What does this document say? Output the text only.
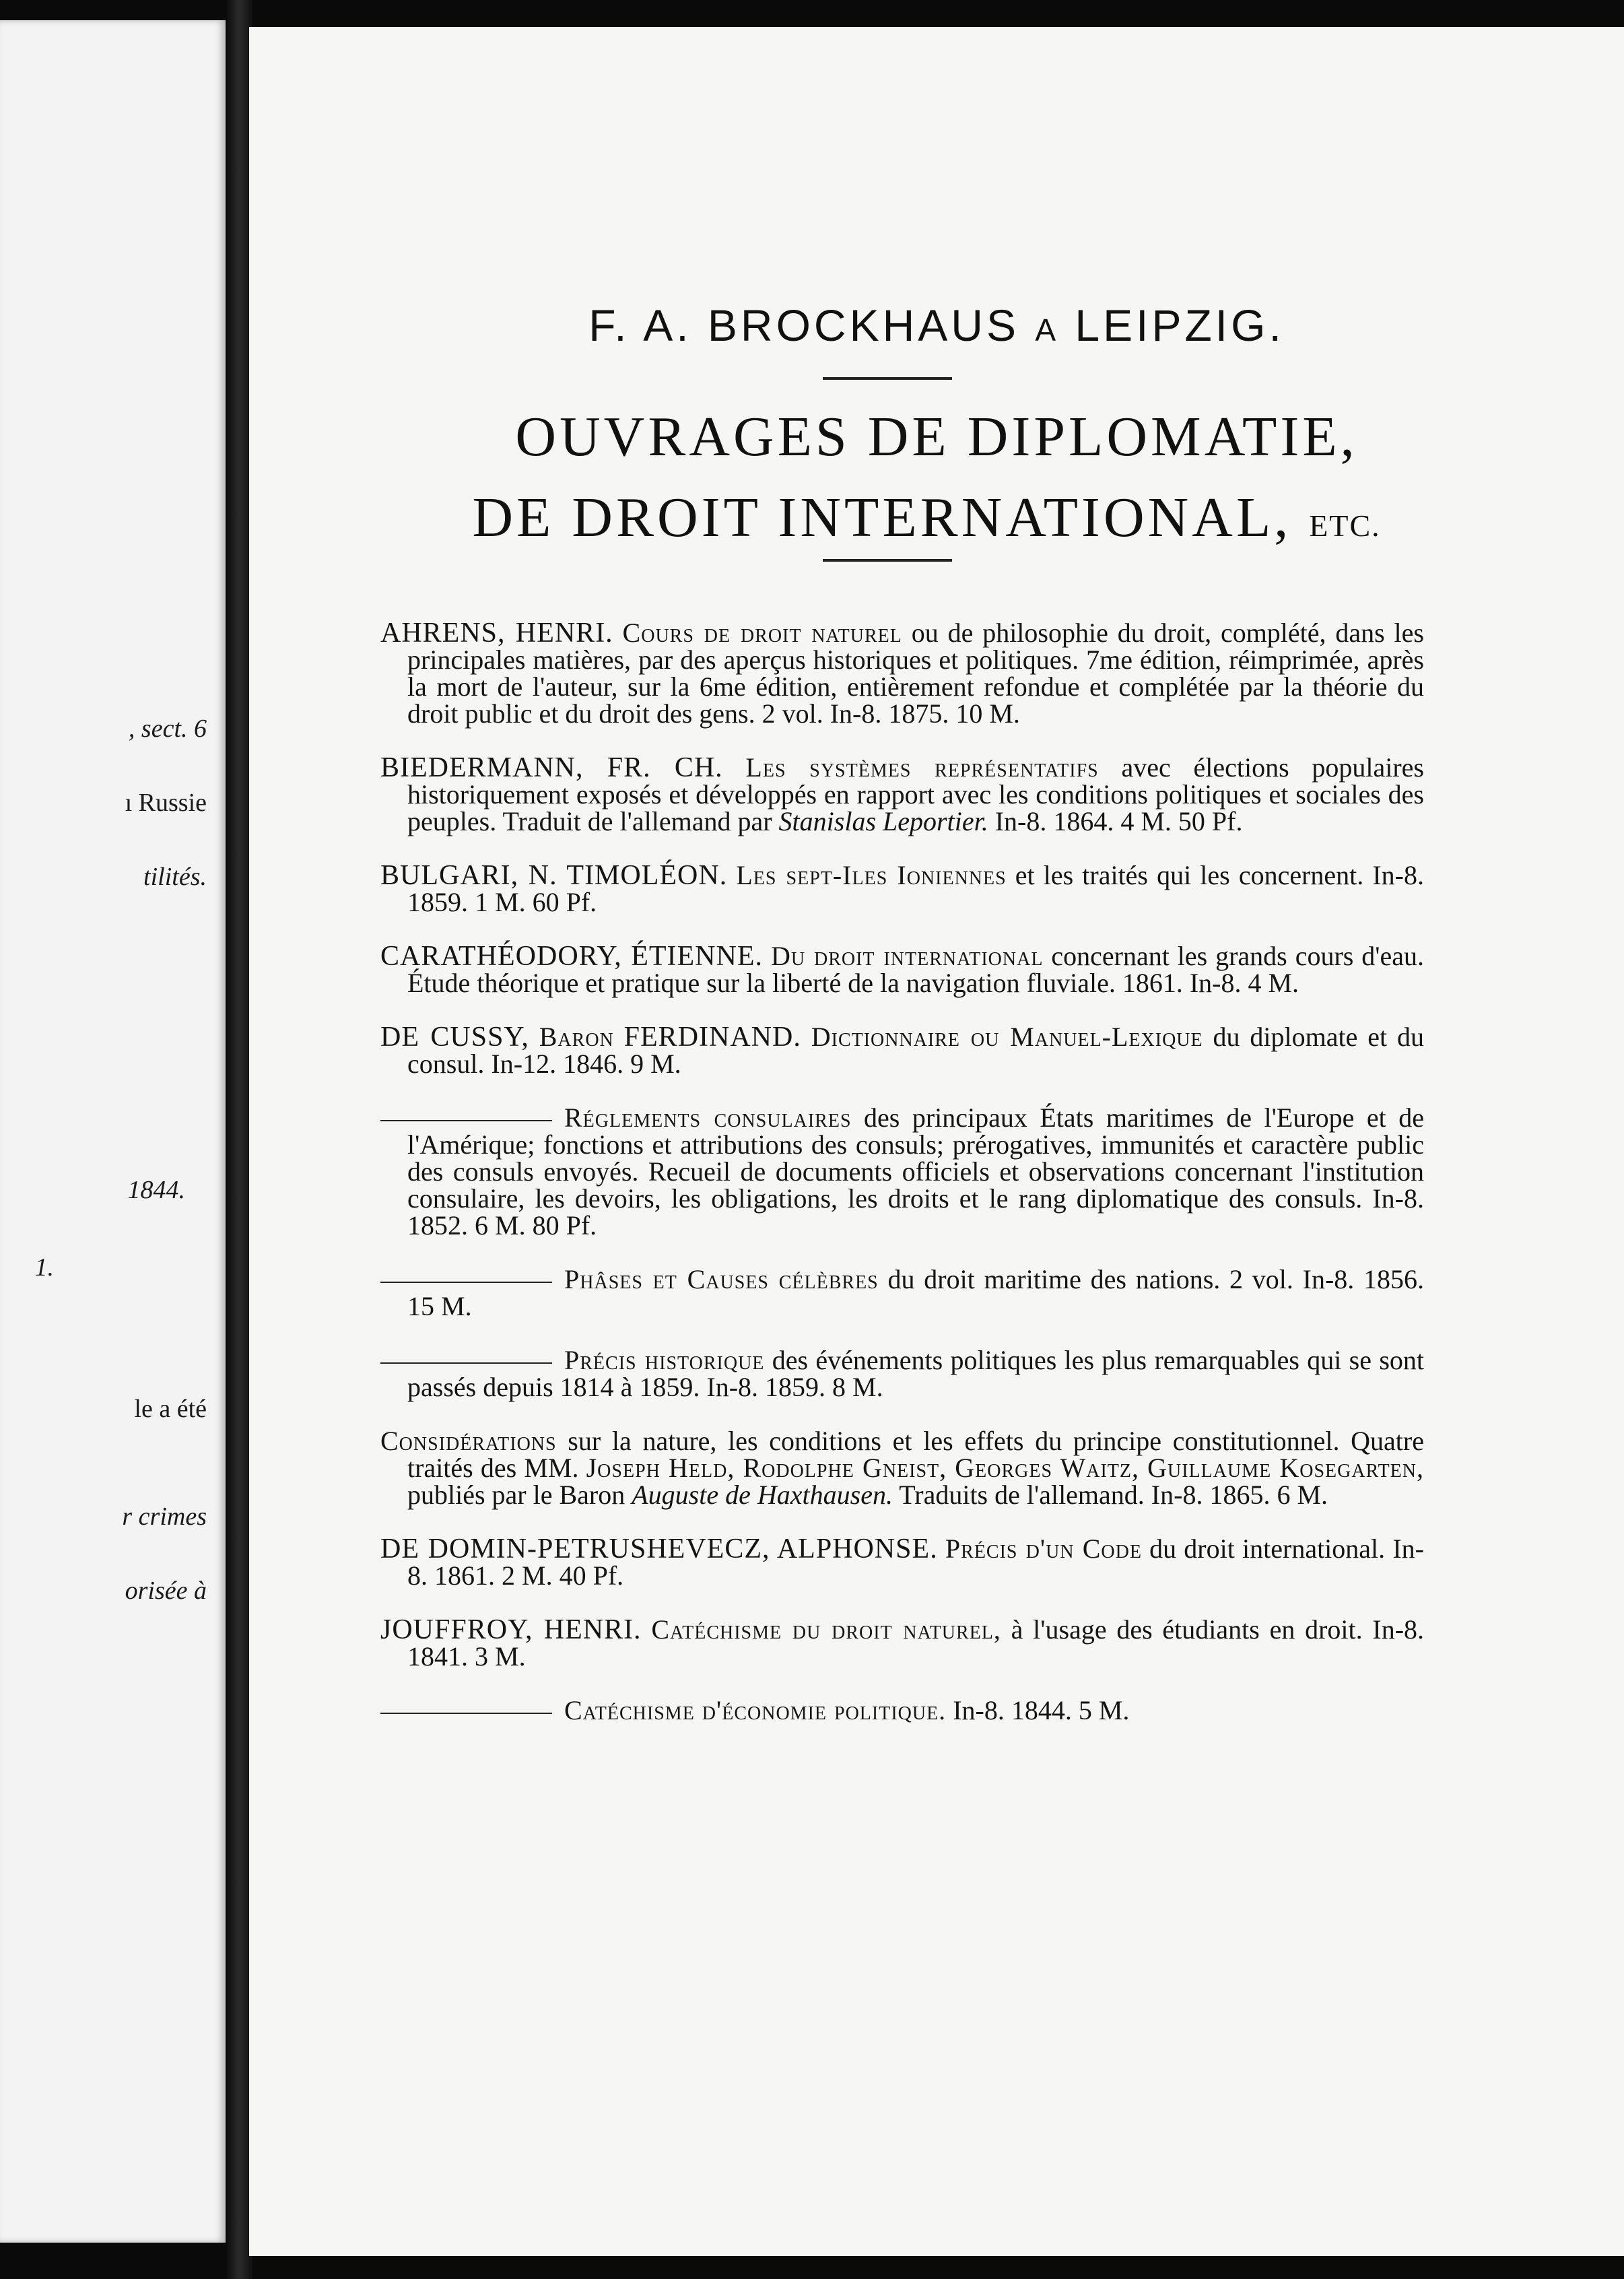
, sect. 6
ı Russie
tilités.
1844.
1.
le a été
r crimes
orisée à
F. A. BROCKHAUS A LEIPZIG.
OUVRAGES DE DIPLOMATIE,
DE DROIT INTERNATIONAL, ETC.

AHRENS, HENRI. Cours de droit naturel ou de philosophie du droit, complété, dans les principales matières, par des aperçus historiques et politiques. 7me édition, réimprimée, après la mort de l'auteur, sur la 6me édition, entièrement refondue et complétée par la théorie du droit public et du droit des gens. 2 vol. In-8. 1875. 10 M.

BIEDERMANN, FR. CH. Les systèmes représentatifs avec élections populaires historiquement exposés et développés en rapport avec les conditions politiques et sociales des peuples. Traduit de l'allemand par Stanislas Leportier. In-8. 1864. 4 M. 50 Pf.

BULGARI, N. TIMOLÉON. Les sept-Iles Ioniennes et les traités qui les concernent. In-8. 1859. 1 M. 60 Pf.

CARATHÉODORY, ÉTIENNE. Du droit international concernant les grands cours d'eau. Étude théorique et pratique sur la liberté de la navigation fluviale. 1861. In-8. 4 M.

DE CUSSY, Baron FERDINAND. Dictionnaire ou Manuel-Lexique du diplomate et du consul. In-12. 1846. 9 M.

Réglements consulaires des principaux États maritimes de l'Europe et de l'Amérique; fonctions et attributions des consuls; prérogatives, immunités et caractère public des consuls envoyés. Recueil de documents officiels et observations concernant l'institution consulaire, les devoirs, les obligations, les droits et le rang diplomatique des consuls. In-8. 1852. 6 M. 80 Pf.

Phâses et Causes célèbres du droit maritime des nations. 2 vol. In-8. 1856. 15 M.

Précis historique des événements politiques les plus remarquables qui se sont passés depuis 1814 à 1859. In-8. 1859. 8 M.

Considérations sur la nature, les conditions et les effets du principe constitutionnel. Quatre traités des MM. Joseph Held, Rodolphe Gneist, Georges Waitz, Guillaume Kosegarten, publiés par le Baron Auguste de Haxthausen. Traduits de l'allemand. In-8. 1865. 6 M.

DE DOMIN-PETRUSHEVECZ, ALPHONSE. Précis d'un Code du droit international. In-8. 1861. 2 M. 40 Pf.

JOUFFROY, HENRI. Catéchisme du droit naturel, à l'usage des étudiants en droit. In-8. 1841. 3 M.

Catéchisme d'économie politique. In-8. 1844. 5 M.
